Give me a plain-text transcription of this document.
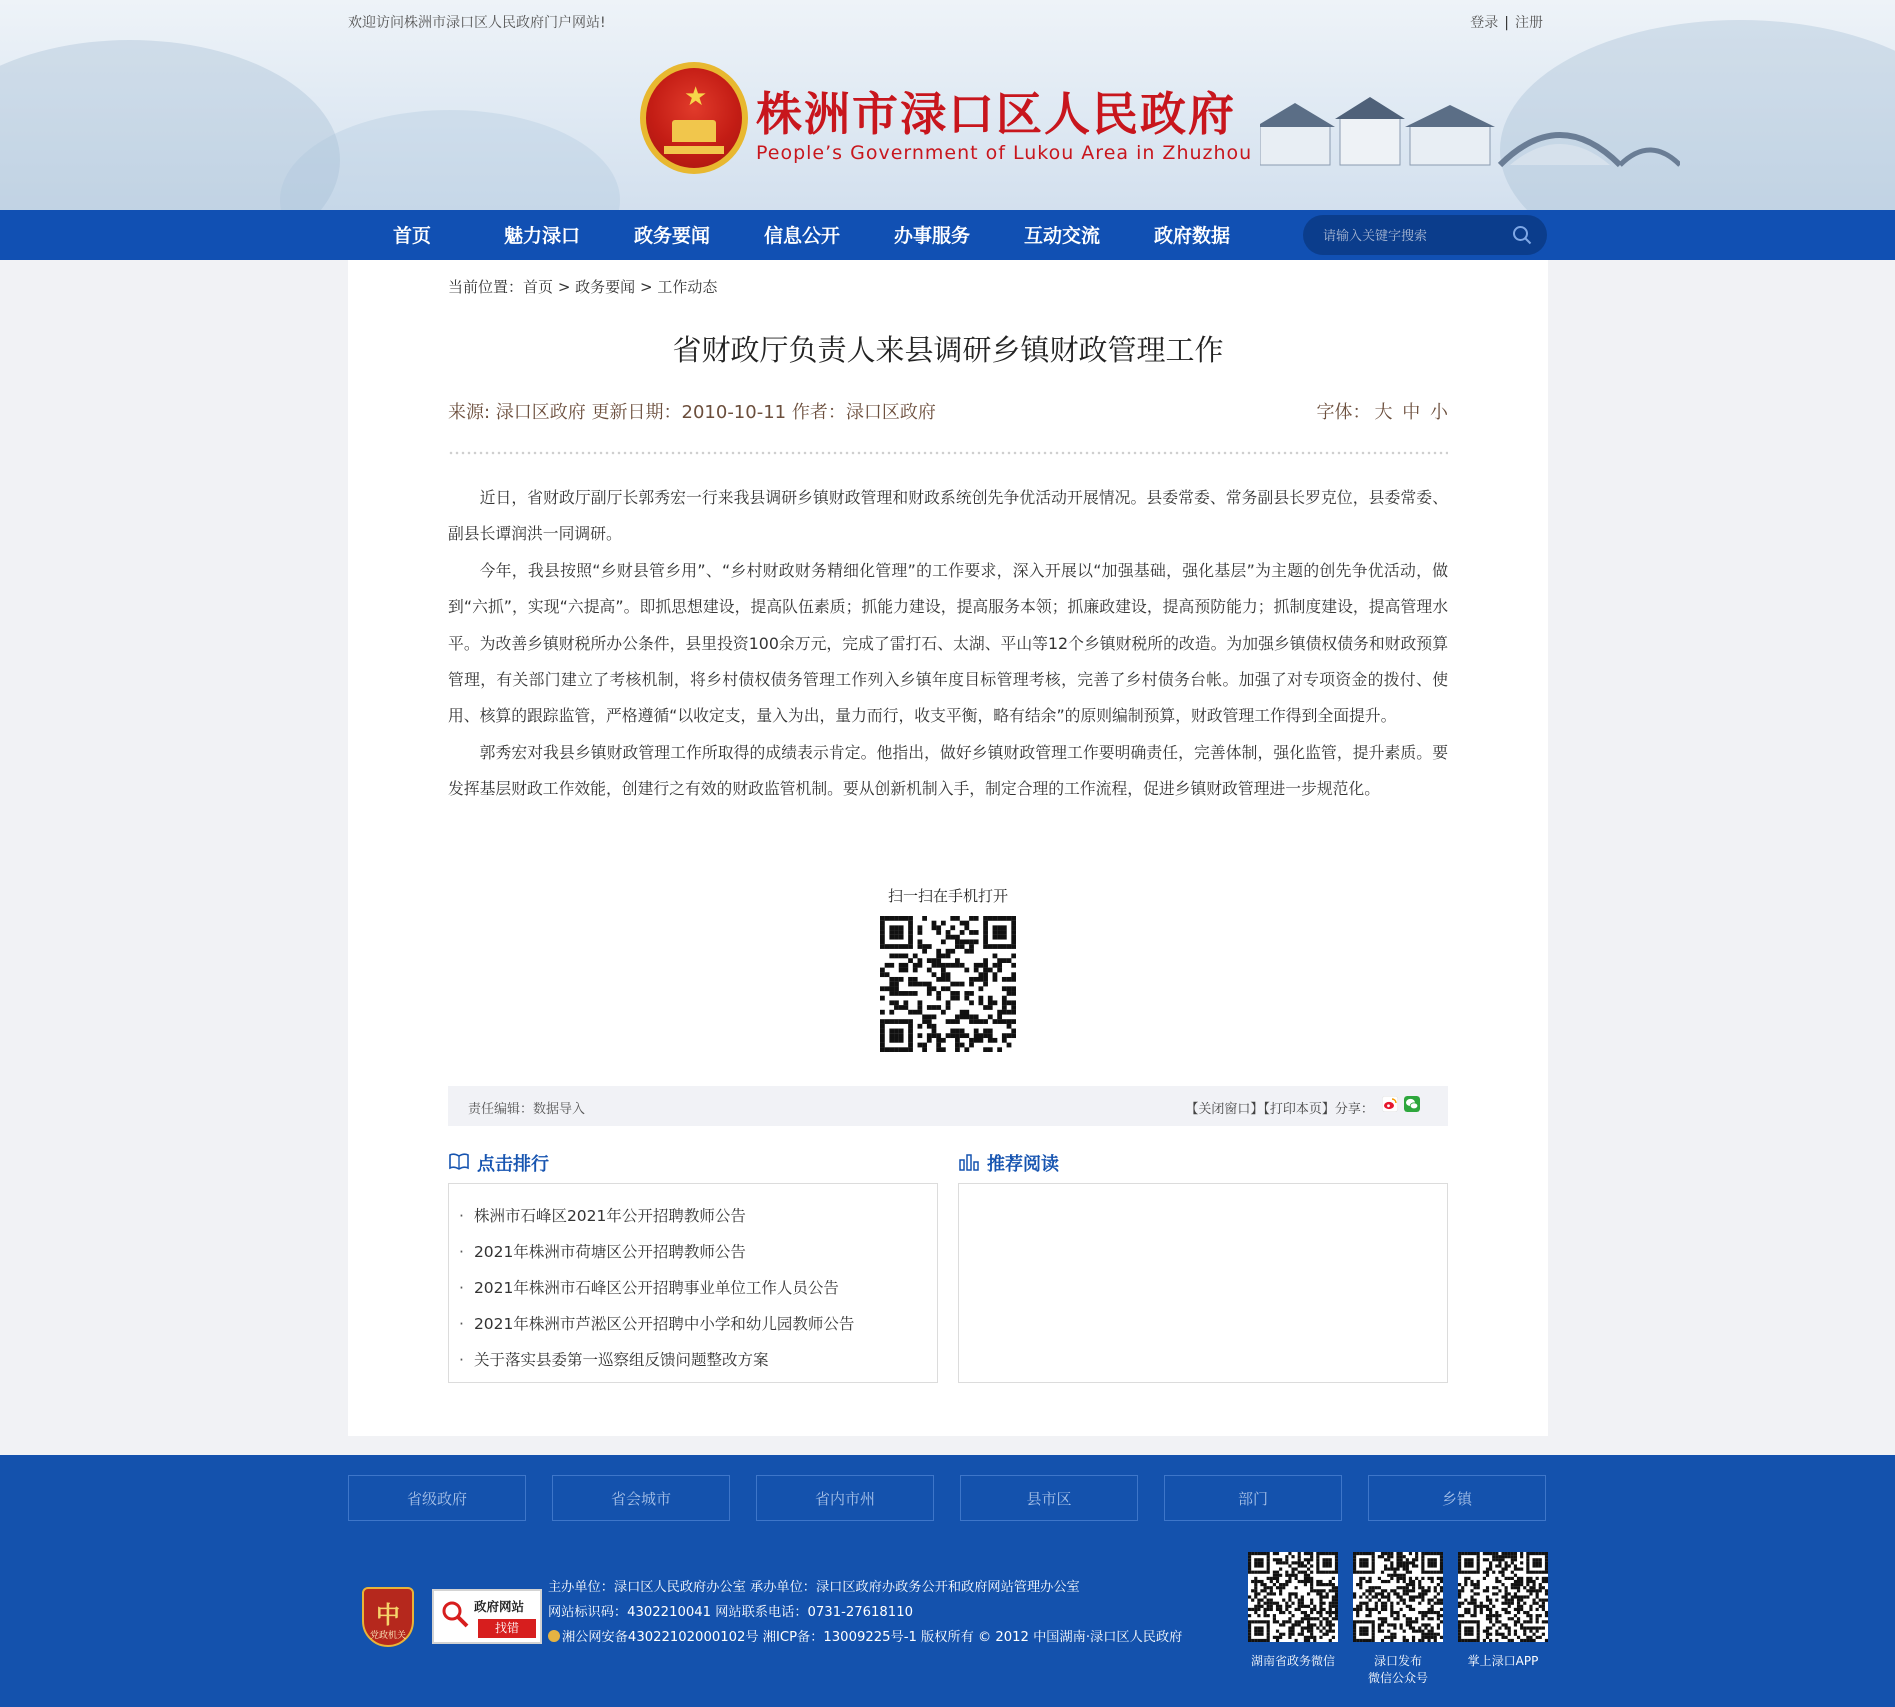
欢迎访问株洲市渌口区人民政府门户网站!	登录 | 注册
★ 株洲市渌口区人民政府
People’s Government of Lukou Area in Zhuzhou
首页	魅力渌口	政务要闻	信息公开	办事服务	互动交流	政府数据
请输入关键字搜索
当前位置：首页 > 政务要闻 > 工作动态
省财政厅负责人来县调研乡镇财政管理工作
来源: 渌口区政府 更新日期：2010-10-11 作者：渌口区政府	字体： 大 中 小

近日，省财政厅副厅长郭秀宏一行来我县调研乡镇财政管理和财政系统创先争优活动开展情况。县委常委、常务副县长罗克位，县委常委、副县长谭润洪一同调研。

今年，我县按照“乡财县管乡用”、“乡村财政财务精细化管理”的工作要求，深入开展以“加强基础，强化基层”为主题的创先争优活动，做到“六抓”，实现“六提高”。即抓思想建设，提高队伍素质；抓能力建设，提高服务本领；抓廉政建设，提高预防能力；抓制度建设，提高管理水平。为改善乡镇财税所办公条件，县里投资100余万元，完成了雷打石、太湖、平山等12个乡镇财税所的改造。为加强乡镇债权债务和财政预算管理，有关部门建立了考核机制，将乡村债权债务管理工作列入乡镇年度目标管理考核，完善了乡村债务台帐。加强了对专项资金的拨付、使用、核算的跟踪监管，严格遵循“以收定支，量入为出，量力而行，收支平衡，略有结余”的原则编制预算，财政管理工作得到全面提升。

郭秀宏对我县乡镇财政管理工作所取得的成绩表示肯定。他指出，做好乡镇财政管理工作要明确责任，完善体制，强化监管，提升素质。要发挥基层财政工作效能，创建行之有效的财政监管机制。要从创新机制入手，制定合理的工作流程，促进乡镇财政管理进一步规范化。

扫一扫在手机打开
责任编辑：数据导入	【关闭窗口】【打印本页】分享：
点击排行
· 株洲市石峰区2021年公开招聘教师公告
· 2021年株洲市荷塘区公开招聘教师公告
· 2021年株洲市石峰区公开招聘事业单位工作人员公告
· 2021年株洲市芦淞区公开招聘中小学和幼儿园教师公告
· 关于落实县委第一巡察组反馈问题整改方案
推荐阅读
省级政府	省会城市	省内市州	县市区	部门	乡镇
中
党政机关
政府网站
找错
主办单位：渌口区人民政府办公室 承办单位：渌口区政府办政务公开和政府网站管理办公室
网站标识码：4302210041 网站联系电话：0731-27618110
湘公网安备43022102000102号 湘ICP备：13009225号-1 版权所有 © 2012 中国湖南·渌口区人民政府
湖南省政务微信	渌口发布
微信公众号
掌上渌口APP
